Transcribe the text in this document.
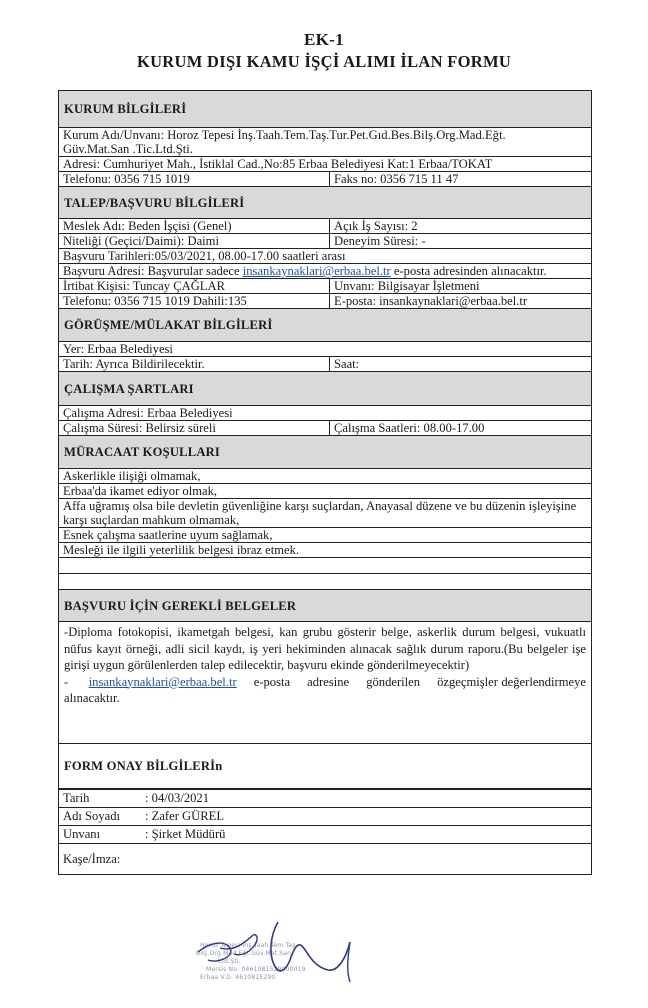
EK-1
KURUM DIŞI KAMU İŞÇİ ALIMI İLAN FORMU
KURUM BİLGİLERİ
Kurum Adı/Unvanı: Horoz Tepesi İnş.Taah.Tem.Taş.Tur.Pet.Gıd.Bes.Bilş.Org.Mad.Eğt.
Güv.Mat.San .Tic.Ltd.Şti.
Adresi: Cumhuriyet Mah., İstiklal Cad.,No:85 Erbaa Belediyesi Kat:1 Erbaa/TOKAT
Telefonu: 0356 715 1019	Faks no: 0356 715 11 47
TALEP/BAŞVURU BİLGİLERİ
Meslek Adı: Beden İşçisi (Genel)	Açık İş Sayısı: 2
Niteliği (Geçici/Daimi): Daimi	Deneyim Süresi: -
Başvuru Tarihleri:05/03/2021, 08.00-17.00 saatleri arası
Başvuru Adresi: Başvurular sadece insankaynaklari@erbaa.bel.tr e-posta adresinden alınacaktır.
İrtibat Kişisi: Tuncay ÇAĞLAR	Unvanı: Bilgisayar İşletmeni
Telefonu: 0356 715 1019 Dahili:135	E-posta: insankaynaklari@erbaa.bel.tr
GÖRÜŞME/MÜLAKAT BİLGİLERİ
Yer: Erbaa Belediyesi
Tarih: Ayrıca Bildirilecektir.	Saat:
ÇALIŞMA ŞARTLARI
Çalışma Adresi: Erbaa Belediyesi
Çalışma Süresi: Belirsiz süreli	Çalışma Saatleri: 08.00-17.00
MÜRACAAT KOŞULLARI
Askerlikle ilişiği olmamak,
Erbaa'da ikamet ediyor olmak,
Affa uğramış olsa bile devletin güvenliğine karşı suçlardan, Anayasal düzene ve bu düzenin işleyişine karşı suçlardan mahkum olmamak,
Esnek çalışma saatlerine uyum sağlamak,
Mesleği ile ilgili yeterlilik belgesi ibraz etmek.
BAŞVURU İÇİN GEREKLİ BELGELER

-Diploma fotokopisi, ikametgah belgesi, kan grubu gösterir belge, askerlik durum belgesi, vukuatlı nüfus kayıt örneği, adli sicil kaydı, iş yeri hekiminden alınacak sağlık durum raporu.(Bu belgeler işe girişi uygun görülenlerden talep edilecektir, başvuru ekinde gönderilmeyecektir)

-      insankaynaklari@erbaa.bel.tr     e-posta     adresine     gönderilen     özgeçmişler değerlendirmeye alınacaktır.

FORM ONAY BİLGİLERİn
Tarih	: 04/03/2021
Adı Soyadı	: Zafer GÜREL
Unvanı	: Şirket Müdürü
Kaşe/İmza:
Horoz Tepesi İnş.Taah.Tem.Taş.
Bilş.Org.Mad.Eğt.Güv.Mat.San.
Ltd.Şti.
Mersis No: 0461081529000019
Erbaa V.D. 4610815290
